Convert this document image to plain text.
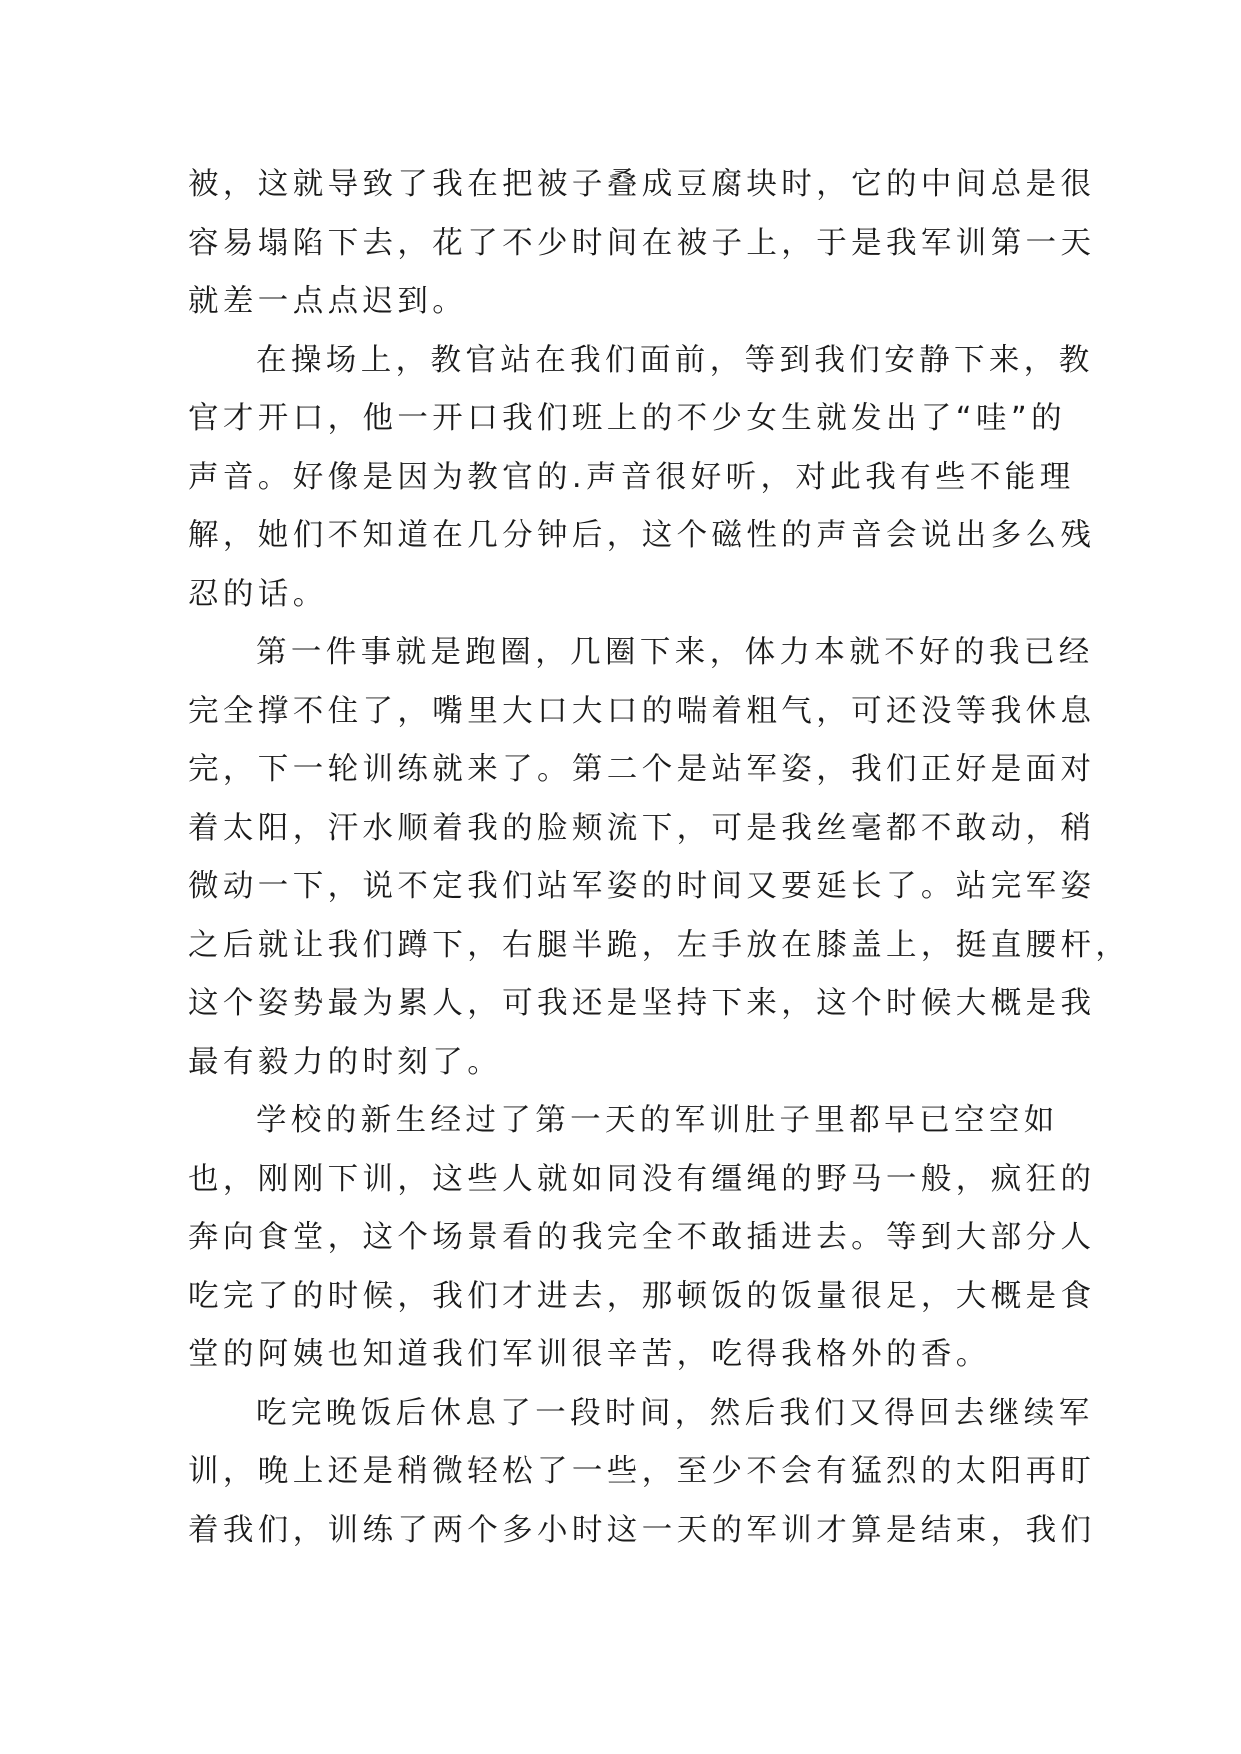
被，这就导致了我在把被子叠成豆腐块时，它的中间总是很
容易塌陷下去，花了不少时间在被子上，于是我军训第一天
就差一点点迟到。
在操场上，教官站在我们面前，等到我们安静下来，教
官才开口，他一开口我们班上的不少女生就发出了“哇”的
声音。好像是因为教官的.声音很好听，对此我有些不能理
解，她们不知道在几分钟后，这个磁性的声音会说出多么残
忍的话。
第一件事就是跑圈，几圈下来，体力本就不好的我已经
完全撑不住了，嘴里大口大口的喘着粗气，可还没等我休息
完，下一轮训练就来了。第二个是站军姿，我们正好是面对
着太阳，汗水顺着我的脸颊流下，可是我丝毫都不敢动，稍
微动一下，说不定我们站军姿的时间又要延长了。站完军姿
之后就让我们蹲下，右腿半跪，左手放在膝盖上，挺直腰杆，
这个姿势最为累人，可我还是坚持下来，这个时候大概是我
最有毅力的时刻了。
学校的新生经过了第一天的军训肚子里都早已空空如
也，刚刚下训，这些人就如同没有缰绳的野马一般，疯狂的
奔向食堂，这个场景看的我完全不敢插进去。等到大部分人
吃完了的时候，我们才进去，那顿饭的饭量很足，大概是食
堂的阿姨也知道我们军训很辛苦，吃得我格外的香。
吃完晚饭后休息了一段时间，然后我们又得回去继续军
训，晚上还是稍微轻松了一些，至少不会有猛烈的太阳再盯
着我们，训练了两个多小时这一天的军训才算是结束，我们
